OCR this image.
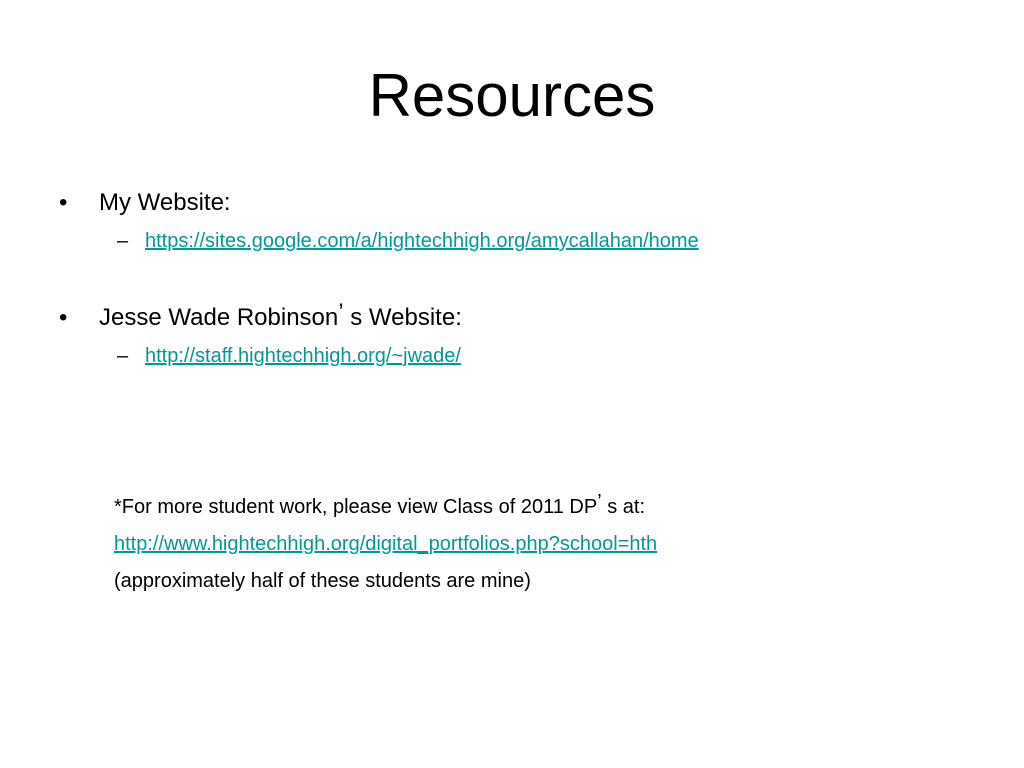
Resources
• My Website:
– https://sites.google.com/a/hightechhigh.org/amycallahan/home
• Jesse Wade Robinson’ s Website:
– http://staff.hightechhigh.org/~jwade/
*For more student work, please view Class of 2011 DP’ s at:
http://www.hightechhigh.org/digital_portfolios.php?school=hth
(approximately half of these students are mine)
